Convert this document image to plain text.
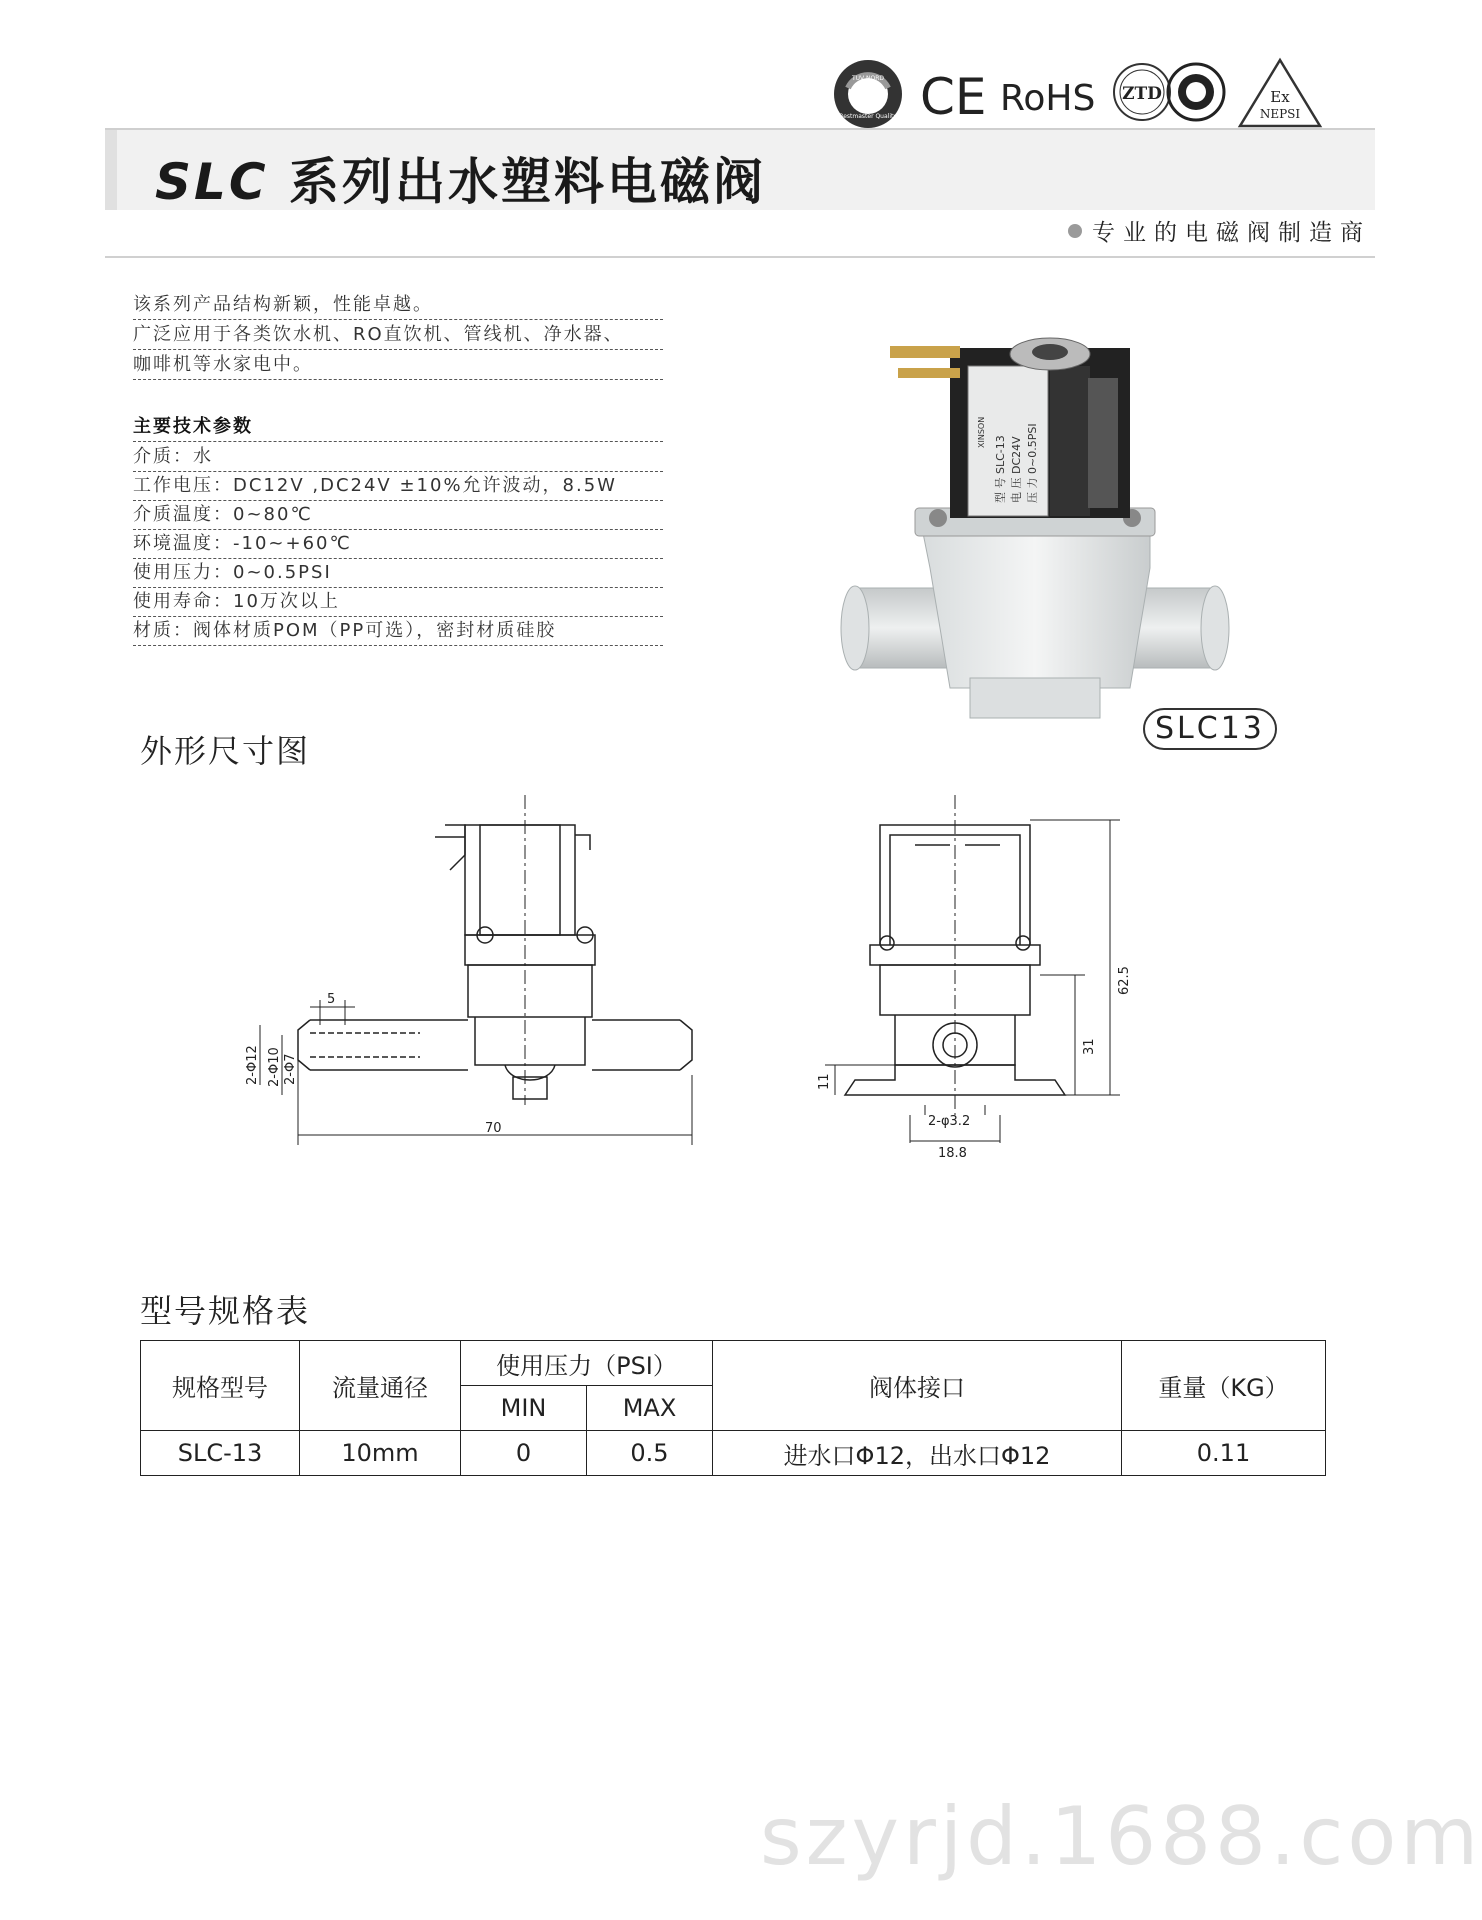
TUV NORD
Bestmaster Quality CE RoHS ZTD	Ex
NEPSI
SLC 系列出水塑料电磁阀
专业的电磁阀制造商
该系列产品结构新颖，性能卓越。
广泛应用于各类饮水机、RO直饮机、管线机、净水器、
咖啡机等水家电中。
主要技术参数
介质：水
工作电压：DC12V ,DC24V ±10%允许波动，8.5W
介质温度：0~80℃
环境温度：-10~+60℃
使用压力：0~0.5PSI
使用寿命：10万次以上
材质：阀体材质POM（PP可选），密封材质硅胶
XINSON
型 号 SLC-13 电 压 DC24V 压 力 0~0.5PSI
SLC13
外形尺寸图
5
2-Φ12 2-Φ10 2-Φ7
70
62.5
31
11
2-φ3.2
18.8
型号规格表
规格型号	流量通径	使用压力（PSI）		阀体接口	重量（KG）
		MIN	MAX		
SLC-13	10mm	0	0.5	进水口Φ12，出水口Φ12	0.11
szyrjd.1688.com
